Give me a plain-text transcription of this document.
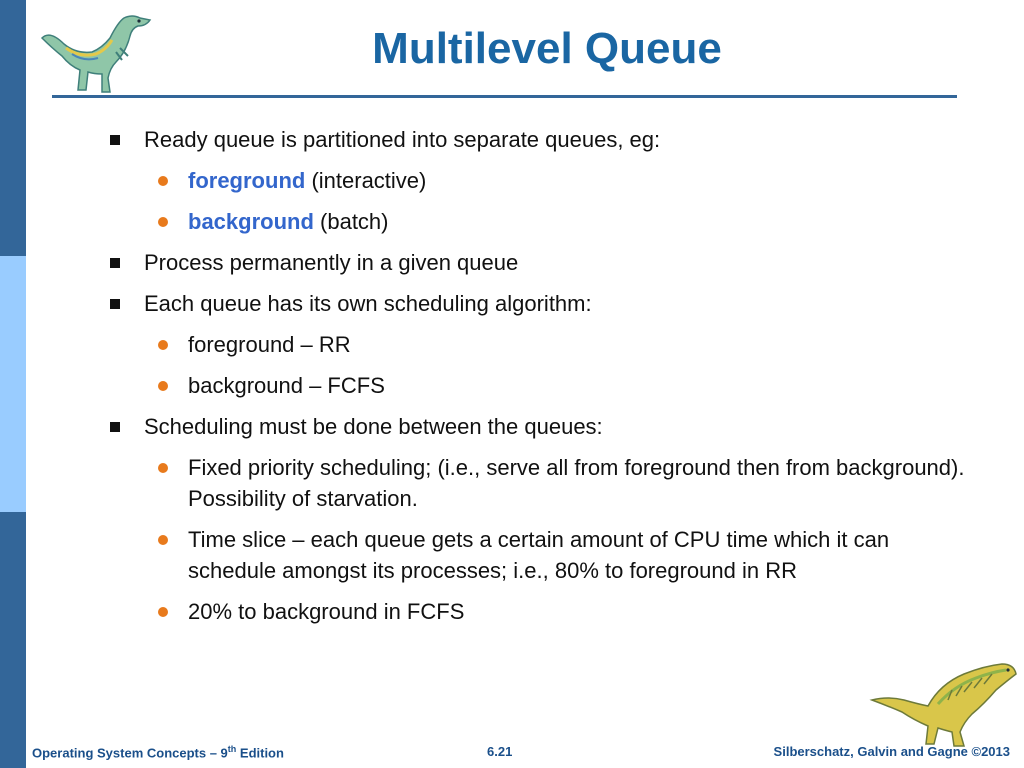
Multilevel Queue
Ready queue is partitioned into separate queues, eg:
foreground (interactive)
background (batch)
Process permanently in a given queue
Each queue has its own scheduling algorithm:
foreground – RR
background – FCFS
Scheduling must be done between the queues:
Fixed priority scheduling; (i.e., serve all from foreground then from background). Possibility of starvation.
Time slice – each queue gets a certain amount of CPU time which it can schedule amongst its processes; i.e., 80% to foreground in RR
20% to background in FCFS
Operating System Concepts – 9th Edition	6.21	Silberschatz, Galvin and Gagne ©2013
